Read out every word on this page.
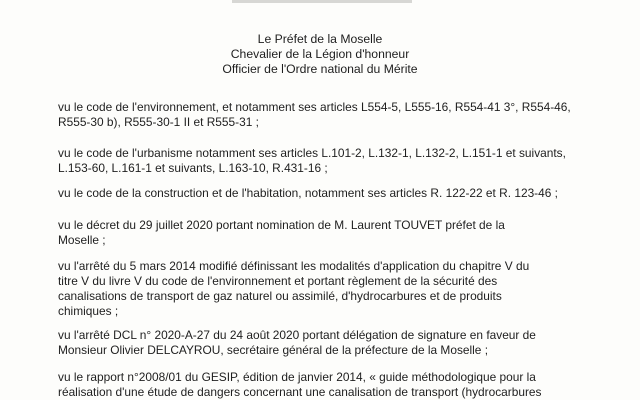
Le Préfet de la Moselle
Chevalier de la Légion d'honneur
Officier de l'Ordre national du Mérite
vu le code de l'environnement, et notamment ses articles L554-5, L555-16, R554-41 3°, R554-46,
R555-30 b), R555-30-1 II et R555-31 ;
vu le code de l'urbanisme notamment ses articles L.101-2, L.132-1, L.132-2, L.151-1 et suivants,
L.153-60, L.161-1 et suivants, L.163-10, R.431-16 ;
vu le code de la construction et de l'habitation, notamment ses articles R. 122-22 et R. 123-46 ;
vu le décret du 29 juillet 2020 portant nomination de M. Laurent TOUVET préfet de la
Moselle ;
vu l'arrêté du 5 mars 2014 modifié définissant les modalités d'application du chapitre V du
titre V du livre V du code de l'environnement et portant règlement de la sécurité des
canalisations de transport de gaz naturel ou assimilé, d'hydrocarbures et de produits
chimiques ;
vu l'arrêté DCL n° 2020-A-27 du 24 août 2020 portant délégation de signature en faveur de
Monsieur Olivier DELCAYROU, secrétaire général de la préfecture de la Moselle ;
vu le rapport n°2008/01 du GESIP, édition de janvier 2014, « guide méthodologique pour la
réalisation d'une étude de dangers concernant une canalisation de transport (hydrocarbures
